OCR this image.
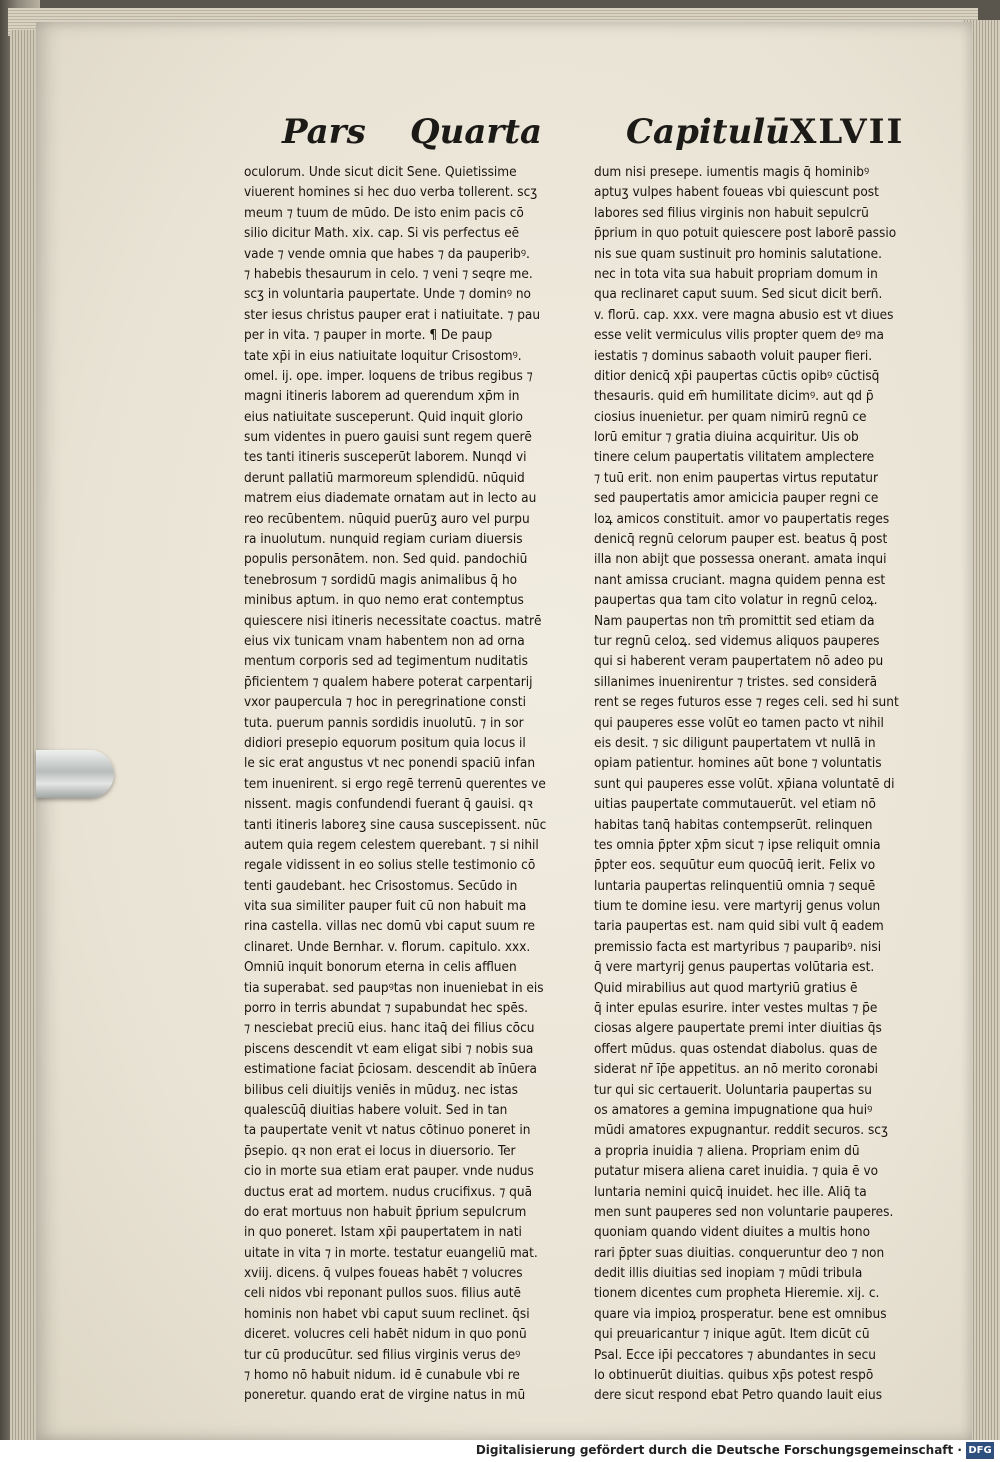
Pars Quarta Capitulū XLVII
oculorum. Unde sicut dicit Sene. Quietissime
viuerent homines si hec duo verba tollerent. scʒ
meum ⁊ tuum de mūdo. De isto enim pacis cō
silio dicitur Math. xix. cap. Si vis perfectus eē
vade ⁊ vende omnia que habes ⁊ da pauperibꝰ.
⁊ habebis thesaurum in celo. ⁊ veni ⁊ seqre me.
scʒ in voluntaria paupertate. Unde ⁊ dominꝰ no
ster iesus christus pauper erat i natiuitate. ⁊ pau
per in vita. ⁊ pauper in morte. ¶ De paup
tate xp̄i in eius natiuitate loquitur Crisostomꝰ.
omel. ij. ope. imper. loquens de tribus regibus ⁊
magni itineris laborem ad querendum xp̄m in
eius natiuitate susceperunt. Quid inquit glorio
sum videntes in puero gauisi sunt regem querē
tes tanti itineris susceperūt laborem. Nunqd vi
derunt pallatiū marmoreum splendidū. nūquid
matrem eius diademate ornatam aut in lecto au
reo recūbentem. nūquid puerūʒ auro vel purpu
ra inuolutum. nunquid regiam curiam diuersis
populis personātem. non. Sed quid. pandochiū
tenebrosum ⁊ sordidū magis animalibus q̄ ho
minibus aptum. in quo nemo erat contemptus
quiescere nisi itineris necessitate coactus. matrē
eius vix tunicam vnam habentem non ad orna
mentum corporis sed ad tegimentum nuditatis
p̄ficientem ⁊ qualem habere poterat carpentarij
vxor paupercula ⁊ hoc in peregrinatione consti
tuta. puerum pannis sordidis inuolutū. ⁊ in sor
didiori presepio equorum positum quia locus il
le sic erat angustus vt nec ponendi spaciū infan
tem inuenirent. si ergo regē terrenū querentes ve
nissent. magis confundendi fuerant q̄ gauisi. qꝛ
tanti itineris laboreʒ sine causa suscepissent. nūc
autem quia regem celestem querebant. ⁊ si nihil
regale vidissent in eo solius stelle testimonio cō
tenti gaudebant. hec Crisostomus. Secūdo in
vita sua similiter pauper fuit cū non habuit ma
rina castella. villas nec domū vbi caput suum re
clinaret. Unde Bernhar. v. florum. capitulo. xxx.
Omniū inquit bonorum eterna in celis affluen
tia superabat. sed paupꝰtas non inueniebat in eis
porro in terris abundat ⁊ supabundat hec spēs.
⁊ nesciebat preciū eius. hanc itaq̄ dei filius cōcu
piscens descendit vt eam eligat sibi ⁊ nobis sua
estimatione faciat p̄ciosam. descendit ab īnūera
bilibus celi diuitijs veniēs in mūduʒ. nec istas
qualescūq̄ diuitias habere voluit. Sed in tan
ta paupertate venit vt natus cōtinuo poneret in
p̄sepio. qꝛ non erat ei locus in diuersorio. Ter
cio in morte sua etiam erat pauper. vnde nudus
ductus erat ad mortem. nudus crucifixus. ⁊ quā
do erat mortuus non habuit p̄prium sepulcrum
in quo poneret. Istam xp̄i paupertatem in nati
uitate in vita ⁊ in morte. testatur euangeliū mat.
xviij. dicens. q̄ vulpes foueas habēt ⁊ volucres
celi nidos vbi reponant pullos suos. filius autē
hominis non habet vbi caput suum reclinet. q̄si
diceret. volucres celi habēt nidum in quo ponū
tur cū producūtur. sed filius virginis verus deꝰ
⁊ homo nō habuit nidum. id ē cunabule vbi re
poneretur. quando erat de virgine natus in mū
dum nisi presepe. iumentis magis q̄ hominibꝰ
aptuʒ vulpes habent foueas vbi quiescunt post
labores sed filius virginis non habuit sepulcrū
p̄prium in quo potuit quiescere post laborē passio
nis sue quam sustinuit pro hominis salutatione.
nec in tota vita sua habuit propriam domum in
qua reclinaret caput suum. Sed sicut dicit berñ.
v. florū. cap. xxx. vere magna abusio est vt diues
esse velit vermiculus vilis propter quem deꝰ ma
iestatis ⁊ dominus sabaoth voluit pauper fieri.
ditior denicq̄ xp̄i paupertas cūctis opibꝰ cūctisq̄
thesauris. quid em̄ humilitate dicimꝰ. aut qd p̄
ciosius inuenietur. per quam nimirū regnū ce
lorū emitur ⁊ gratia diuina acquiritur. Uis ob
tinere celum paupertatis vilitatem amplectere
⁊ tuū erit. non enim paupertas virtus reputatur
sed paupertatis amor amicicia pauper regni ce
loꝝ amicos constituit. amor vo paupertatis reges
denicq̄ regnū celorum pauper est. beatus q̄ post
illa non abijt que possessa onerant. amata inqui
nant amissa cruciant. magna quidem penna est
paupertas qua tam cito volatur in regnū celoꝝ.
Nam paupertas non tm̄ promittit sed etiam da
tur regnū celoꝝ. sed videmus aliquos pauperes
qui si haberent veram paupertatem nō adeo pu
sillanimes inuenirentur ⁊ tristes. sed considerā
rent se reges futuros esse ⁊ reges celi. sed hi sunt
qui pauperes esse volūt eo tamen pacto vt nihil
eis desit. ⁊ sic diligunt paupertatem vt nullā in
opiam patientur. homines aūt bone ⁊ voluntatis
sunt qui pauperes esse volūt. xp̄iana voluntatē di
uitias paupertate commutauerūt. vel etiam nō
habitas tanq̄ habitas contempserūt. relinquen
tes omnia p̄pter xp̄m sicut ⁊ ipse reliquit omnia
p̄pter eos. sequūtur eum quocūq̄ ierit. Felix vo
luntaria paupertas relinquentiū omnia ⁊ sequē
tium te domine iesu. vere martyrij genus volun
taria paupertas est. nam quid sibi vult q̄ eadem
premissio facta est martyribus ⁊ pauparibꝰ. nisi
q̄ vere martyrij genus paupertas volūtaria est.
Quid mirabilius aut quod martyriū gratius ē
q̄ inter epulas esurire. inter vestes multas ⁊ p̄e
ciosas algere paupertate premi inter diuitias q̄s
offert mūdus. quas ostendat diabolus. quas de
siderat nr̄ īp̄e appetitus. an nō merito coronabi
tur qui sic certauerit. Uoluntaria paupertas su
os amatores a gemina impugnatione qua huiꝰ
mūdi amatores expugnantur. reddit securos. scʒ
a propria inuidia ⁊ aliena. Propriam enim dū
putatur misera aliena caret inuidia. ⁊ quia ē vo
luntaria nemini quicq̄ inuidet. hec ille. Aliq̄ ta
men sunt pauperes sed non voluntarie pauperes.
quoniam quando vident diuites a multis hono
rari p̄pter suas diuitias. conqueruntur deo ⁊ non
dedit illis diuitias sed inopiam ⁊ mūdi tribula
tionem dicentes cum propheta Hieremie. xij. c.
quare via impioꝝ prosperatur. bene est omnibus
qui preuaricantur ⁊ inique agūt. Item dicūt cū
Psal. Ecce ip̄i peccatores ⁊ abundantes in secu
lo obtinuerūt diuitias. quibus xp̄s potest respō
dere sicut respond ebat Petro quando lauit eius
Digitalisierung gefördert durch die Deutsche Forschungsgemeinschaft · DFG
